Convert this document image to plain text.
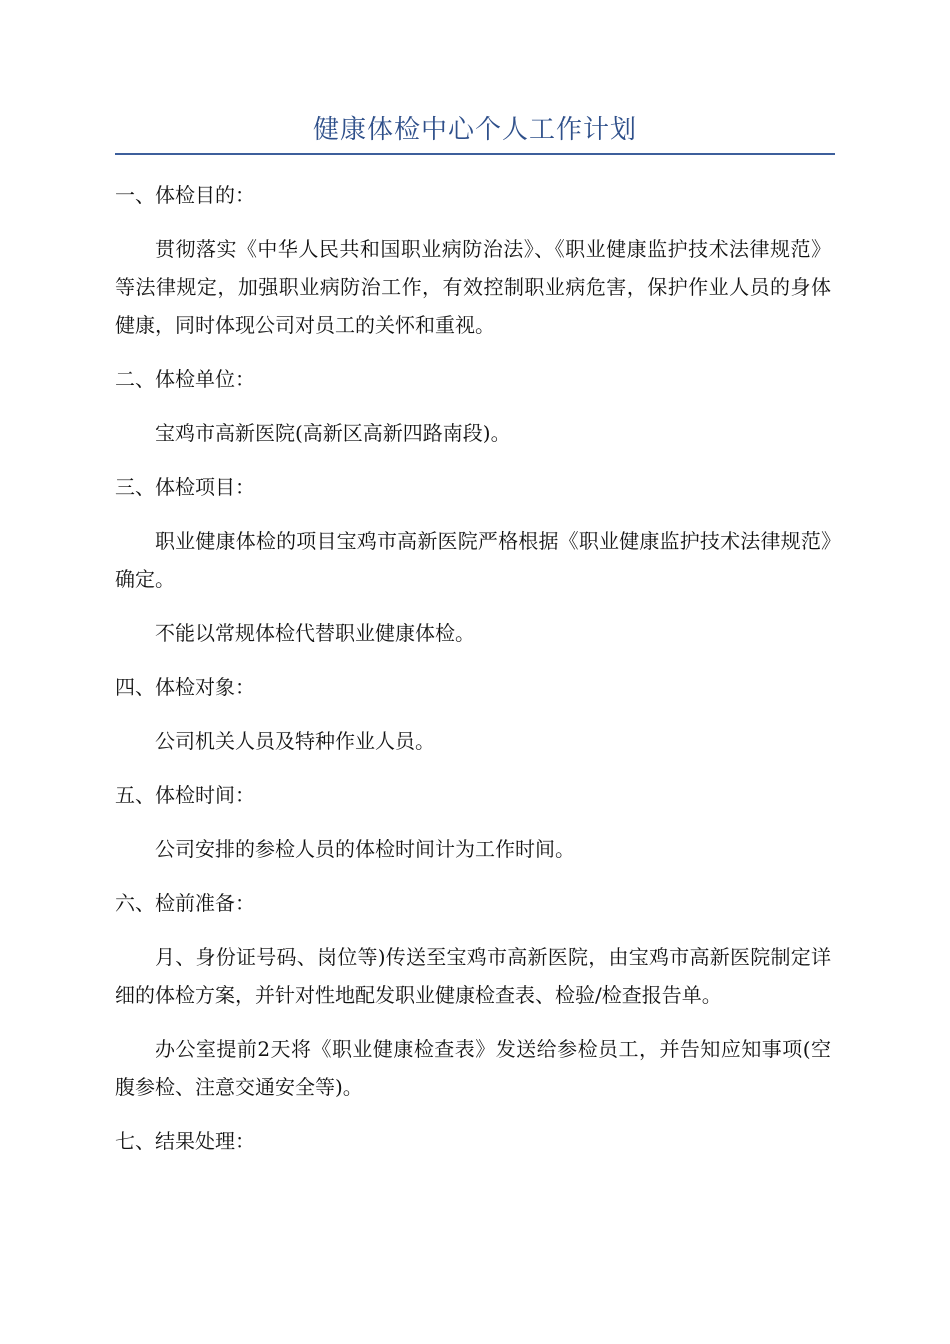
健康体检中心个人工作计划

一、体检目的：

贯彻落实《中华人民共和国职业病防治法》、《职业健康监护技术法律规范》等法律规定，加强职业病防治工作，有效控制职业病危害，保护作业人员的身体健康，同时体现公司对员工的关怀和重视。

二、体检单位：

宝鸡市高新医院(高新区高新四路南段)。

三、体检项目：

职业健康体检的项目宝鸡市高新医院严格根据《职业健康监护技术法律规范》确定。

不能以常规体检代替职业健康体检。

四、体检对象：

公司机关人员及特种作业人员。

五、体检时间：

公司安排的参检人员的体检时间计为工作时间。

六、检前准备：

月、身份证号码、岗位等)传送至宝鸡市高新医院，由宝鸡市高新医院制定详细的体检方案，并针对性地配发职业健康检查表、检验/检查报告单。

办公室提前2天将《职业健康检查表》发送给参检员工，并告知应知事项(空腹参检、注意交通安全等)。

七、结果处理：
